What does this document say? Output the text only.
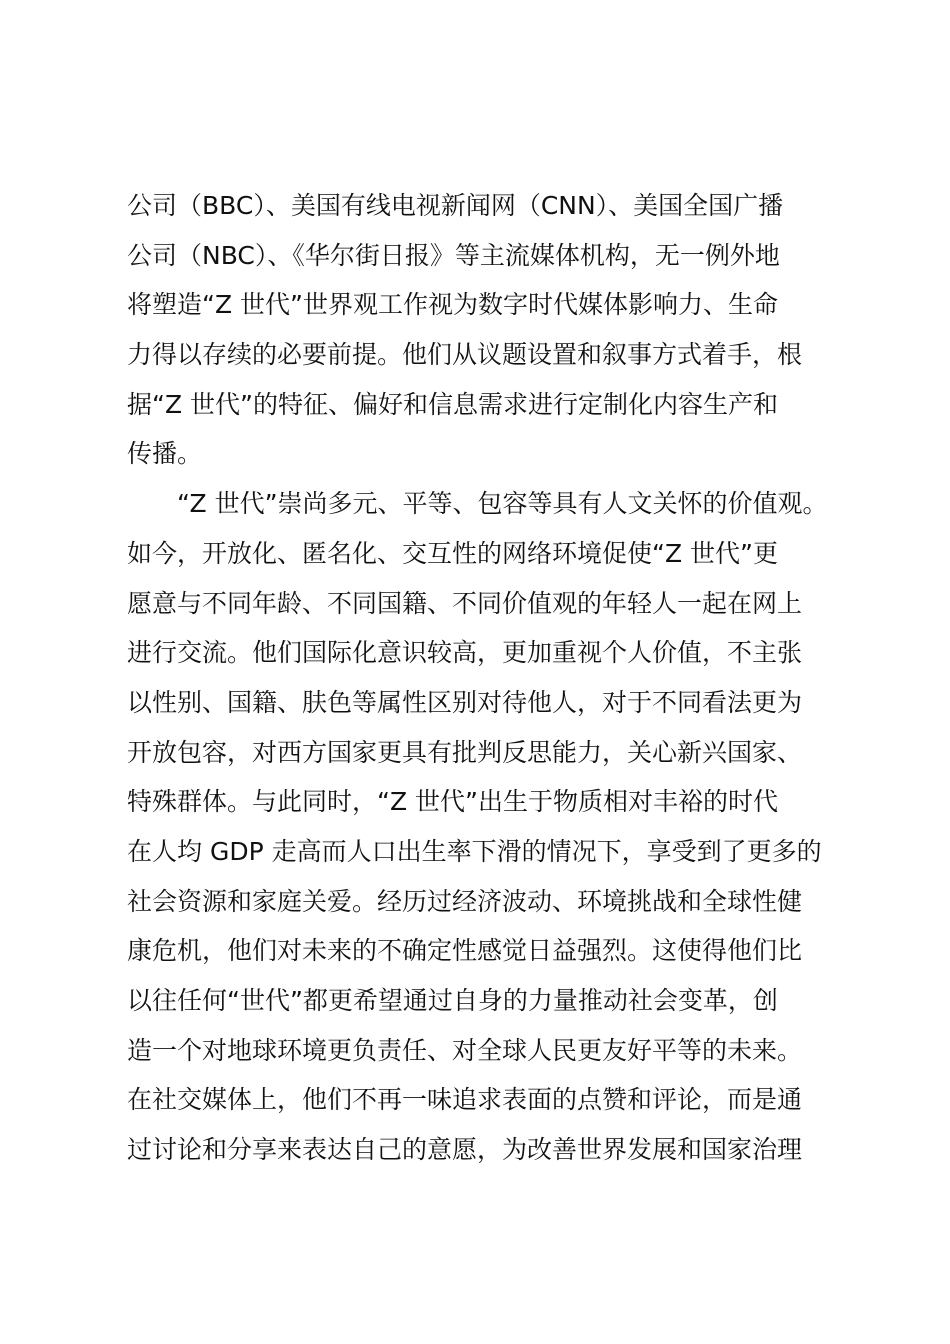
公司（BBC）、美国有线电视新闻网（CNN）、美国全国广播
公司（NBC）、《华尔街日报》等主流媒体机构，无一例外地
将塑造“Z 世代”世界观工作视为数字时代媒体影响力、生命
力得以存续的必要前提。他们从议题设置和叙事方式着手，根
据“Z 世代”的特征、偏好和信息需求进行定制化内容生产和
传播。
　　“Z 世代”崇尚多元、平等、包容等具有人文关怀的价值观。
如今，开放化、匿名化、交互性的网络环境促使“Z 世代”更
愿意与不同年龄、不同国籍、不同价值观的年轻人一起在网上
进行交流。他们国际化意识较高，更加重视个人价值，不主张
以性别、国籍、肤色等属性区别对待他人，对于不同看法更为
开放包容，对西方国家更具有批判反思能力，关心新兴国家、
特殊群体。与此同时，“Z 世代”出生于物质相对丰裕的时代
在人均 GDP 走高而人口出生率下滑的情况下，享受到了更多的
社会资源和家庭关爱。经历过经济波动、环境挑战和全球性健
康危机，他们对未来的不确定性感觉日益强烈。这使得他们比
以往任何“世代”都更希望通过自身的力量推动社会变革，创
造一个对地球环境更负责任、对全球人民更友好平等的未来。
在社交媒体上，他们不再一味追求表面的点赞和评论，而是通
过讨论和分享来表达自己的意愿，为改善世界发展和国家治理
